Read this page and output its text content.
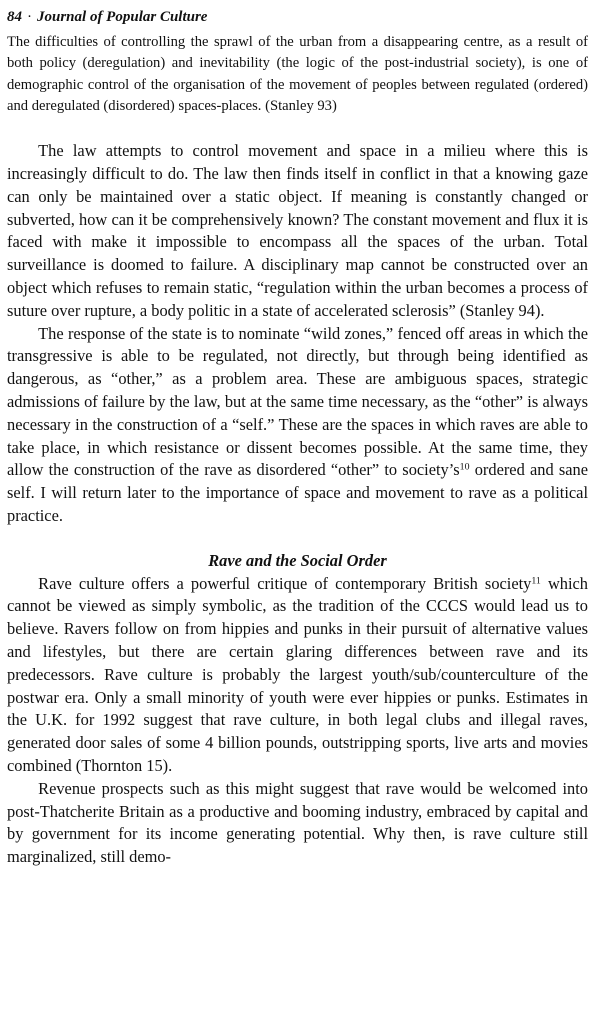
84 · Journal of Popular Culture

The difficulties of controlling the sprawl of the urban from a disappearing centre, as a result of both policy (deregulation) and inevitability (the logic of the post-industrial society), is one of demographic control of the organisation of the movement of peoples between regulated (ordered) and deregulated (disordered) spaces-places. (Stanley 93)

The law attempts to control movement and space in a milieu where this is increasingly difficult to do. The law then finds itself in conflict in that a knowing gaze can only be maintained over a static object. If meaning is constantly changed or subverted, how can it be comprehensively known? The constant movement and flux it is faced with make it impossible to encompass all the spaces of the urban. Total surveillance is doomed to failure. A disciplinary map cannot be constructed over an object which refuses to remain static, “regulation within the urban becomes a process of suture over rupture, a body politic in a state of accelerated sclerosis” (Stanley 94).

The response of the state is to nominate “wild zones,” fenced off areas in which the transgressive is able to be regulated, not directly, but through being identified as dangerous, as “other,” as a problem area. These are ambiguous spaces, strategic admissions of failure by the law, but at the same time necessary, as the “other” is always necessary in the construction of a “self.” These are the spaces in which raves are able to take place, in which resistance or dissent becomes possible. At the same time, they allow the construction of the rave as disordered “other” to $society’s^{10}$ ordered and sane self. I will return later to the importance of space and movement to rave as a political practice.

Rave and the Social Order

Rave culture offers a powerful critique of contemporary British society$^{11}$ which cannot be viewed as simply symbolic, as the tradition of the CCCS would lead us to believe. Ravers follow on from hippies and punks in their pursuit of alternative values and lifestyles, but there are certain glaring differences between rave and its predecessors. Rave culture is probably the largest youth/sub/counterculture of the postwar era. Only a small minority of youth were ever hippies or punks. Estimates in the U.K. for 1992 suggest that rave culture, in both legal clubs and illegal raves, generated door sales of some 4 billion pounds, outstripping sports, live arts and movies combined (Thornton 15).

Revenue prospects such as this might suggest that rave would be welcomed into post-Thatcherite Britain as a productive and booming industry, embraced by capital and by government for its income generating potential. Why then, is rave culture still marginalized, still demo-
